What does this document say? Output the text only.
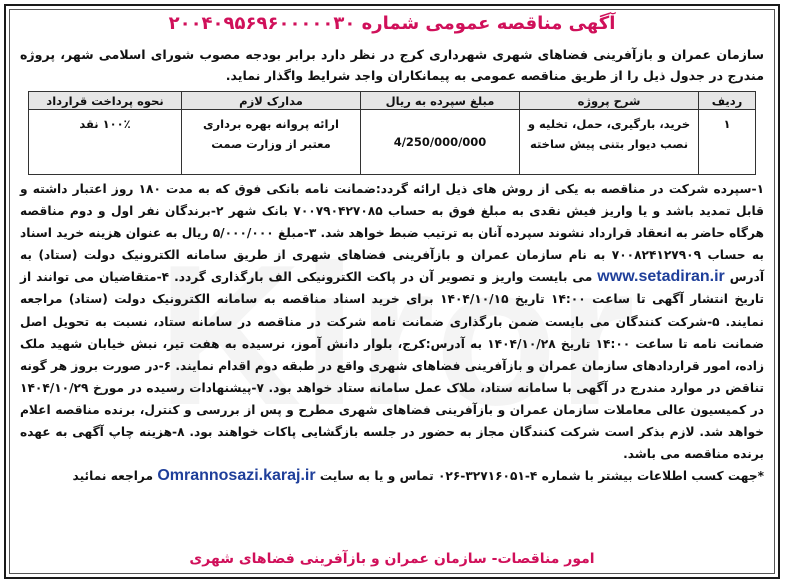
آگهی مناقصه عمومی شماره ۲۰۰۴۰۹۵۶۹۶۰۰۰۰۰۳۰
سازمان عمران و بازآفرینی فضاهای شهری شهرداری کرج در نظر دارد برابر بودجه مصوب شورای اسلامی شهر، پروژه مندرج در جدول ذیل را از طریق مناقصه عمومی به پیمانکاران واجد شرایط واگذار نماید.
ردیف	شرح پروژه	مبلغ سپرده به ریال	مدارک لازم	نحوه پرداخت قرارداد
۱	خرید، بارگیری، حمل، تخلیه و نصب دیوار بتنی پیش ساخته	4/250/000/000	ارائه پروانه بهره برداری معتبر از وزارت صمت	۱۰۰٪ نقد
۱-سپرده شرکت در مناقصه به یکی از روش های ذیل ارائه گردد:ضمانت نامه بانکی فوق که به مدت ۱۸۰ روز اعتبار داشته و قابل تمدید باشد و یا واریز فیش نقدی به مبلغ فوق به حساب ۷۰۰۷۹۰۴۲۷۰۸۵ بانک شهر ۲-برندگان نفر اول و دوم مناقصه هرگاه حاضر به انعقاد قرارداد نشوند سپرده آنان به ترتیب ضبط خواهد شد. ۳-مبلغ ۵/۰۰۰/۰۰۰ ریال به عنوان هزینه خرید اسناد به حساب ۷۰۰۸۲۴۱۲۷۹۰۹ به نام سازمان عمران و بازآفرینی فضاهای شهری از طریق سامانه الکترونیک دولت (ستاد) به آدرس www.setadiran.ir می بایست واریز و تصویر آن در پاکت الکترونیکی الف بارگذاری گردد. ۴-متقاضیان می توانند از تاریخ انتشار آگهی تا ساعت ۱۴:۰۰ تاریخ ۱۴۰۴/۱۰/۱۵ برای خرید اسناد مناقصه به سامانه الکترونیک دولت (ستاد) مراجعه نمایند. ۵-شرکت کنندگان می بایست ضمن بارگذاری ضمانت نامه شرکت در مناقصه در سامانه ستاد، نسبت به تحویل اصل ضمانت نامه تا ساعت ۱۴:۰۰ تاریخ ۱۴۰۴/۱۰/۲۸ به آدرس:کرج، بلوار دانش آموز، نرسیده به هفت تیر، نبش خیابان شهید ملک زاده، امور قراردادهای سازمان عمران و بازآفرینی فضاهای شهری واقع در طبقه دوم اقدام نمایند. ۶-در صورت بروز هر گونه تناقض در موارد مندرج در آگهی با سامانه ستاد، ملاک عمل سامانه ستاد خواهد بود. ۷-پیشنهادات رسیده در مورخ ۱۴۰۴/۱۰/۲۹ در کمیسیون عالی معاملات سازمان عمران و بازآفرینی فضاهای شهری مطرح و پس از بررسی و کنترل، برنده مناقصه اعلام خواهد شد. لازم بذکر است شرکت کنندگان مجاز به حضور در جلسه بازگشایی پاکات خواهند بود. ۸-هزینه چاپ آگهی به عهده برنده مناقصه می باشد.
*جهت کسب اطلاعات بیشتر با شماره ۴-۳۲۷۱۶۰۵۱-۰۲۶ تماس و یا به سایت Omrannosazi.karaj.ir مراجعه نمائید
امور مناقصات- سازمان عمران و بازآفرینی فضاهای شهری
